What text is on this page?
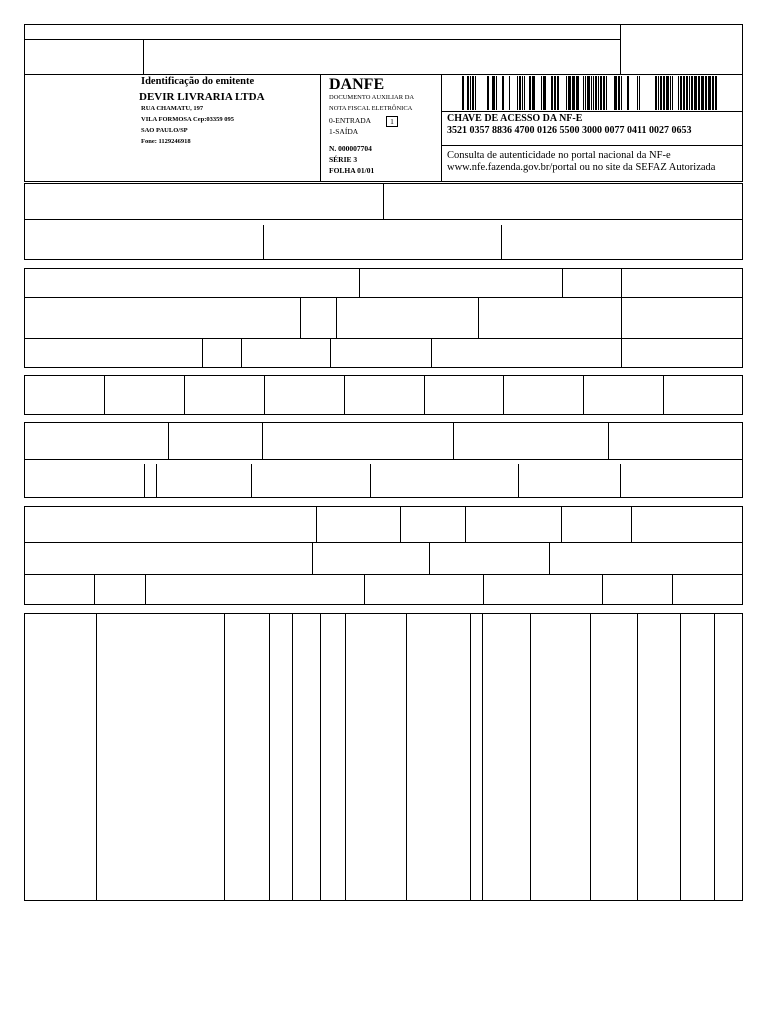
Identificação do emitente
DEVIR LIVRARIA LTDA
RUA CHAMATU, 197
VILA FORMOSA Cep:03359 095
SAO PAULO/SP
Fone: 1129246918
DANFE
DOCUMENTO AUXILIAR DA
NOTA FISCAL ELETRÔNICA
0-ENTRADA	1
1-SAÍDA
N. 000007704
SÉRIE 3
FOLHA 01/01
CHAVE DE ACESSO DA NF-E
3521 0357 8836 4700 0126 5500 3000 0077 0411 0027 0653
Consulta de autenticidade no portal nacional da NF-e
www.nfe.fazenda.gov.br/portal ou no site da SEFAZ Autorizada
